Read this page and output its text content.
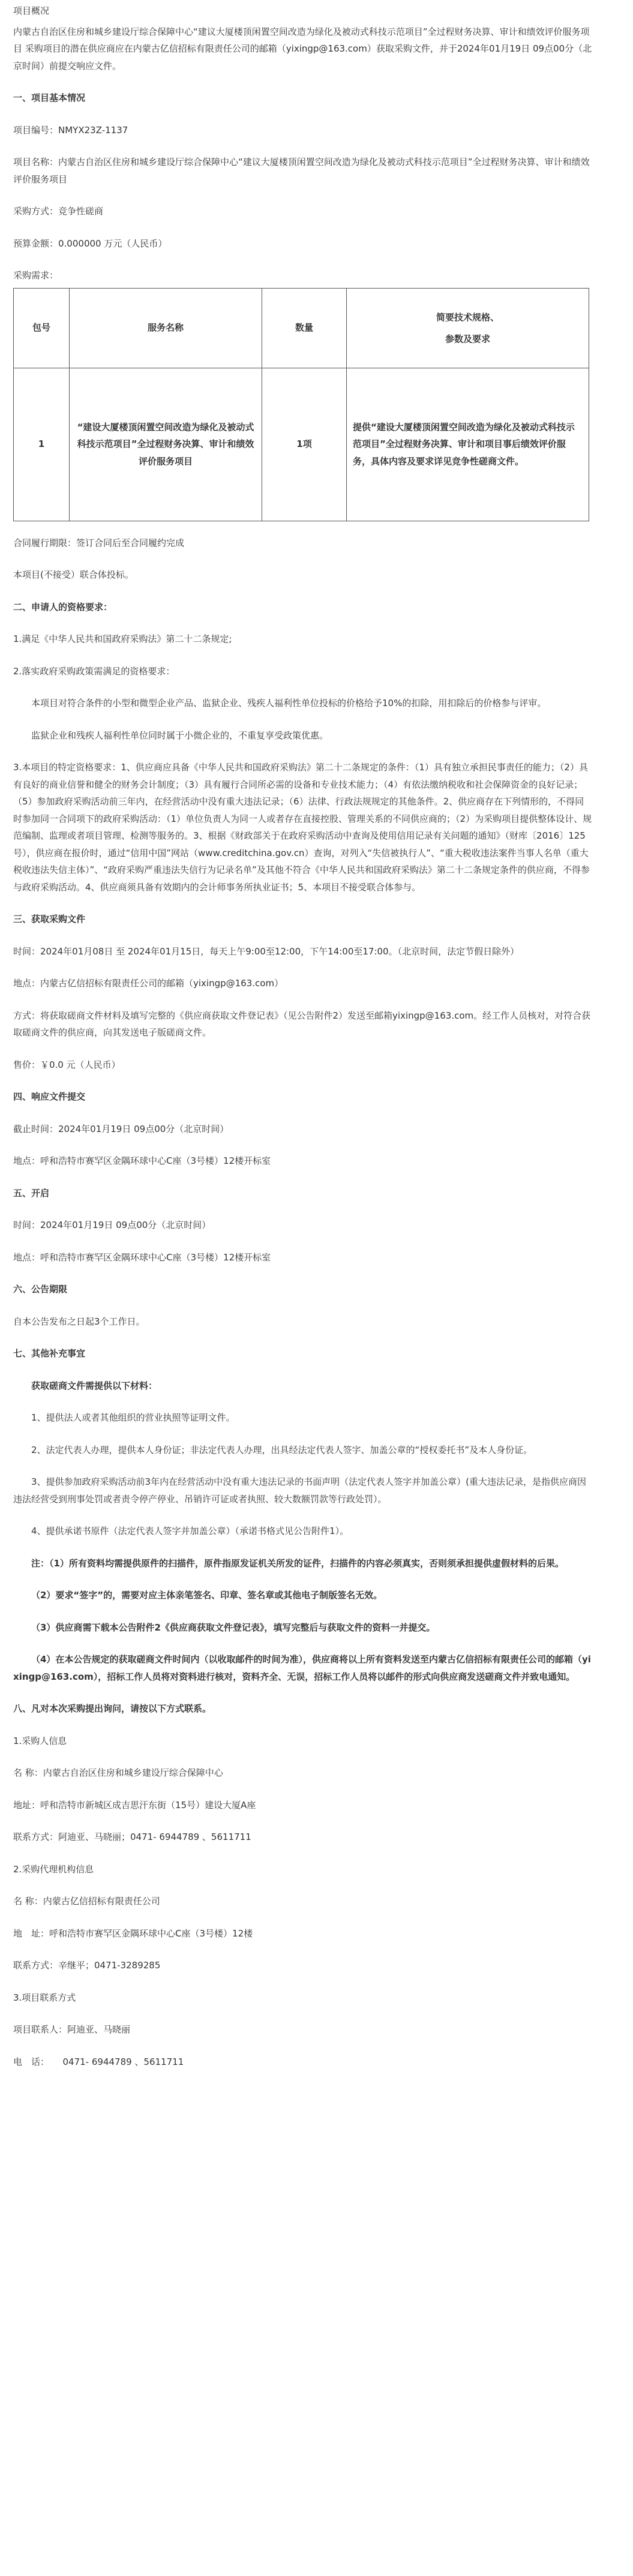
项目概况

内蒙古自治区住房和城乡建设厅综合保障中心“建议大厦楼顶闲置空间改造为绿化及被动式科技示范项目”全过程财务决算、审计和绩效评价服务项目 采购项目的潜在供应商应在内蒙古亿信招标有限责任公司的邮箱（yixingp@163.com）获取采购文件，并于2024年01月19日 09点00分（北京时间）前提交响应文件。

一、项目基本情况

项目编号：NMYX23Z-1137

项目名称：内蒙古自治区住房和城乡建设厅综合保障中心“建议大厦楼顶闲置空间改造为绿化及被动式科技示范项目”全过程财务决算、审计和绩效评价服务项目

采购方式：竞争性磋商

预算金额：0.000000 万元（人民币）

采购需求：

包号	服务名称	数量	简要技术规格、
参数及要求

1	“建设大厦楼顶闲置空间改造为绿化及被动式科技示范项目”全过程财务决算、审计和绩效评价服务项目	1项	提供“建设大厦楼顶闲置空间改造为绿化及被动式科技示范项目”全过程财务决算、审计和项目事后绩效评价服务，具体内容及要求详见竞争性磋商文件。

合同履行期限：签订合同后至合同履约完成

本项目(不接受）联合体投标。

二、申请人的资格要求：

1.满足《中华人民共和国政府采购法》第二十二条规定;

2.落实政府采购政策需满足的资格要求：

本项目对符合条件的小型和微型企业产品、监狱企业、残疾人福利性单位投标的价格给予10%的扣除，用扣除后的价格参与评审。

监狱企业和残疾人福利性单位同时属于小微企业的，不重复享受政策优惠。

3.本项目的特定资格要求：1、供应商应具备《中华人民共和国政府采购法》第二十二条规定的条件：（1）具有独立承担民事责任的能力；（2）具有良好的商业信誉和健全的财务会计制度；（3）具有履行合同所必需的设备和专业技术能力；（4）有依法缴纳税收和社会保障资金的良好记录；（5）参加政府采购活动前三年内，在经营活动中没有重大违法记录；（6）法律、行政法规规定的其他条件。2、供应商存在下列情形的，不得同时参加同一合同项下的政府采购活动：（1）单位负责人为同一人或者存在直接控股、管理关系的不同供应商的；（2）为采购项目提供整体设计、规范编制、监理或者项目管理、检测等服务的。3、根据《财政部关于在政府采购活动中查询及使用信用记录有关问题的通知》（财库〔2016〕125号），供应商在报价时，通过“信用中国”网站（www.creditchina.gov.cn）查询，对列入“失信被执行人”、“重大税收违法案件当事人名单（重大税收违法失信主体）”、“政府采购严重违法失信行为记录名单”及其他不符合《中华人民共和国政府采购法》第二十二条规定条件的供应商，不得参与政府采购活动。4、供应商须具备有效期内的会计师事务所执业证书；5、本项目不接受联合体参与。

三、获取采购文件

时间：2024年01月08日 至 2024年01月15日，每天上午9:00至12:00，下午14:00至17:00。（北京时间，法定节假日除外）

地点：内蒙古亿信招标有限责任公司的邮箱（yixingp@163.com）

方式：将获取磋商文件材料及填写完整的《供应商获取文件登记表》（见公告附件2）发送至邮箱yixingp@163.com。经工作人员核对，对符合获取磋商文件的供应商，向其发送电子版磋商文件。

售价：￥0.0 元（人民币）

四、响应文件提交

截止时间：2024年01月19日 09点00分（北京时间）

地点：呼和浩特市赛罕区金隅环球中心C座（3号楼）12楼开标室

五、开启

时间：2024年01月19日 09点00分（北京时间）

地点：呼和浩特市赛罕区金隅环球中心C座（3号楼）12楼开标室

六、公告期限

自本公告发布之日起3个工作日。

七、其他补充事宜

获取磋商文件需提供以下材料：

1、提供法人或者其他组织的营业执照等证明文件。

2、法定代表人办理，提供本人身份证；非法定代表人办理，出具经法定代表人签字、加盖公章的“授权委托书”及本人身份证。

3、提供参加政府采购活动前3年内在经营活动中没有重大违法记录的书面声明（法定代表人签字并加盖公章）(重大违法记录，是指供应商因违法经营受到刑事处罚或者责令停产停业、吊销许可证或者执照、较大数额罚款等行政处罚）。

4、提供承诺书原件（法定代表人签字并加盖公章）（承诺书格式见公告附件1）。

注：（1）所有资料均需提供原件的扫描件，原件指原发证机关所发的证件，扫描件的内容必须真实，否则须承担提供虚假材料的后果。

（2）要求“签字”的，需要对应主体亲笔签名、印章、签名章或其他电子制版签名无效。

（3）供应商需下载本公告附件2《供应商获取文件登记表》，填写完整后与获取文件的资料一并提交。

（4）在本公告规定的获取磋商文件时间内（以收取邮件的时间为准），供应商将以上所有资料发送至内蒙古亿信招标有限责任公司的邮箱（yixingp@163.com），招标工作人员将对资料进行核对，资料齐全、无误，招标工作人员将以邮件的形式向供应商发送磋商文件并致电通知。

八、凡对本次采购提出询问，请按以下方式联系。

1.采购人信息

名 称：内蒙古自治区住房和城乡建设厅综合保障中心

地址：呼和浩特市新城区成吉思汗东街（15号）建设大厦A座

联系方式：阿迪亚、马晓丽；0471- 6944789 、5611711

2.采购代理机构信息

名 称：内蒙古亿信招标有限责任公司

地　址：呼和浩特市赛罕区金隅环球中心C座（3号楼）12楼

联系方式：辛继平；0471-3289285

3.项目联系方式

项目联系人：阿迪亚、马晓丽

电　话：　　0471- 6944789 、5611711
